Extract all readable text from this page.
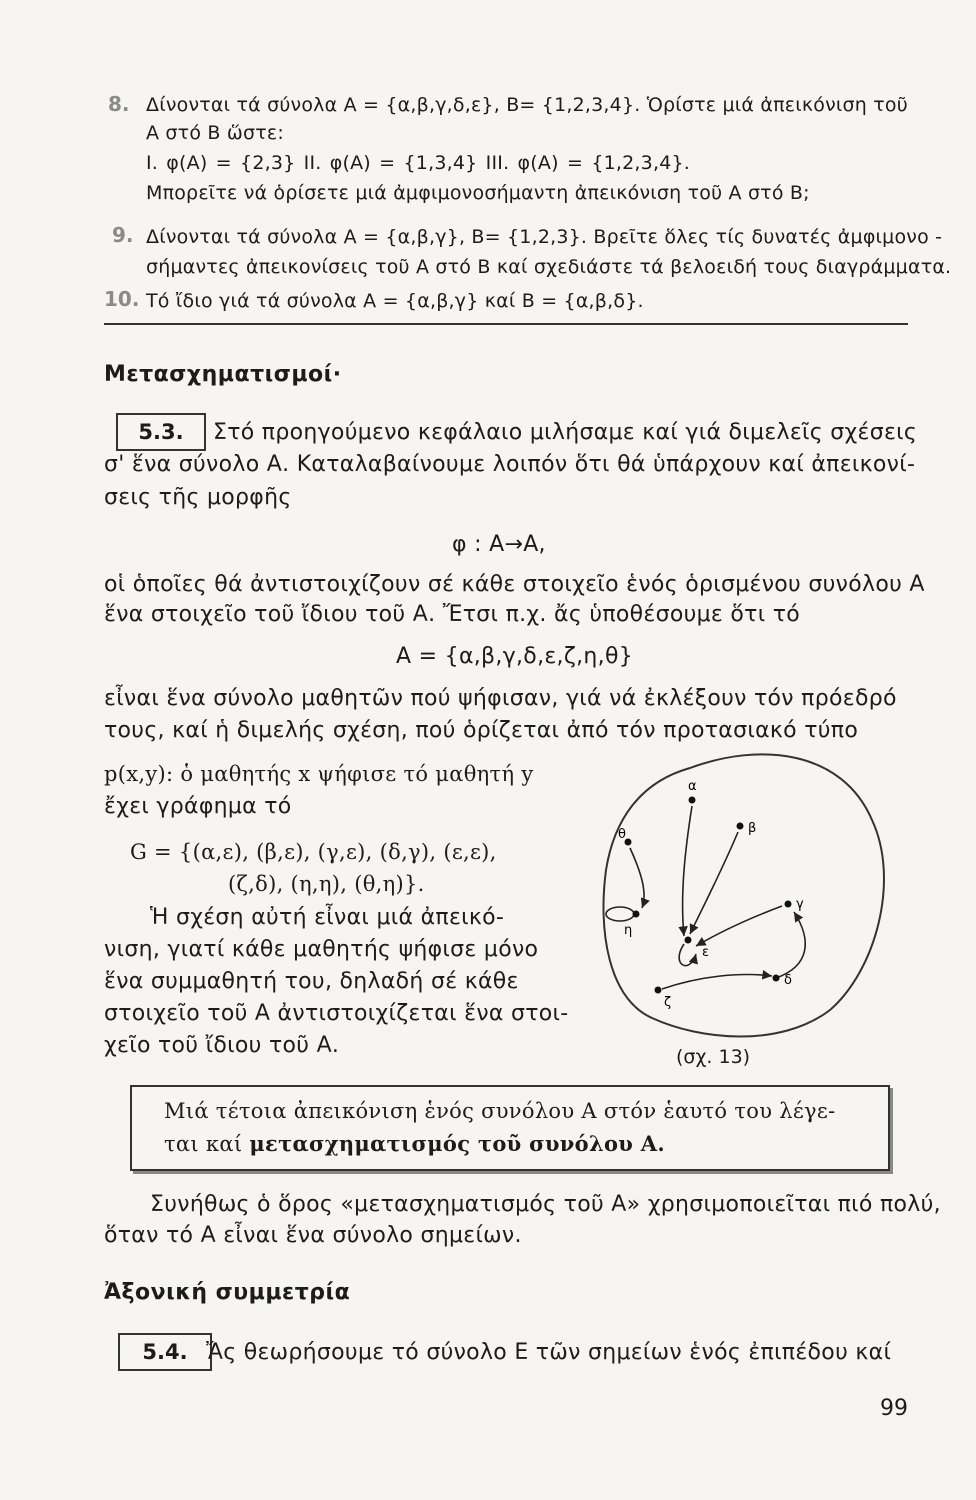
8. Δίνονται τά σύνολα Α = {α,β,γ,δ,ε}, Β= {1,2,3,4}. Ὁρίστε μιά ἀπεικόνιση τοῦ
Α στό Β ὥστε:
I. φ(A) = {2,3} II. φ(A) = {1,3,4} III. φ(A) = {1,2,3,4}.
Μπορεῖτε νά ὁρίσετε μιά ἀμφιμονοσήμαντη ἀπεικόνιση τοῦ Α στό Β;
9. Δίνονται τά σύνολα Α = {α,β,γ}, Β= {1,2,3}. Βρεῖτε ὅλες τίς δυνατές ἀμφιμονο -
σήμαντες ἀπεικονίσεις τοῦ Α στό Β καί σχεδιάστε τά βελοειδή τους διαγράμματα.
10. Τό ἴδιο γιά τά σύνολα Α = {α,β,γ} καί Β = {α,β,δ}.
Μετασχηματισμοί·
5.3.	Στό προηγούμενο κεφάλαιο μιλήσαμε καί γιά διμελεῖς σχέσεις
σ' ἕνα σύνολο Α. Καταλαβαίνουμε λοιπόν ὅτι θά ὑπάρχουν καί ἀπεικονί-
σεις τῆς μορφῆς
φ : A→A,
οἱ ὁποῖες θά ἀντιστοιχίζουν σέ κάθε στοιχεῖο ἑνός ὁρισμένου συνόλου Α
ἕνα στοιχεῖο τοῦ ἴδιου τοῦ Α. Ἔτσι π.χ. ἄς ὑποθέσουμε ὅτι τό
A = {α,β,γ,δ,ε,ζ,η,θ}
εἶναι ἕνα σύνολο μαθητῶν πού ψήφισαν, γιά νά ἐκλέξουν τόν πρόεδρό
τους, καί ἡ διμελής σχέση, πού ὁρίζεται ἀπό τόν προτασιακό τύπο
p(x,y): ὁ μαθητής x ψήφισε τό μαθητή y
ἔχει γράφημα τό
G = {(α,ε), (β,ε), (γ,ε), (δ,γ), (ε,ε),
(ζ,δ), (η,η), (θ,η)}.
Ἡ σχέση αὐτή εἶναι μιά ἀπεικό-
νιση, γιατί κάθε μαθητής ψήφισε μόνο
ἕνα συμμαθητή του, δηλαδή σέ κάθε
στοιχεῖο τοῦ Α ἀντιστοιχίζεται ἕνα στοι-
χεῖο τοῦ ἴδιου τοῦ Α.
α
β
θ
γ
η
ε
δ
ζ
(σχ. 13)
Μιά τέτοια ἀπεικόνιση ἑνός συνόλου Α στόν ἑαυτό του λέγε-
ται καί μετασχηματισμός τοῦ συνόλου Α.
Συνήθως ὁ ὅρος «μετασχηματισμός τοῦ Α» χρησιμοποιεῖται πιό πολύ,
ὅταν τό Α εἶναι ἕνα σύνολο σημείων.
Ἀξονική συμμετρία
5.4. Ἄς θεωρήσουμε τό σύνολο Ε τῶν σημείων ἑνός ἐπιπέδου καί
99
